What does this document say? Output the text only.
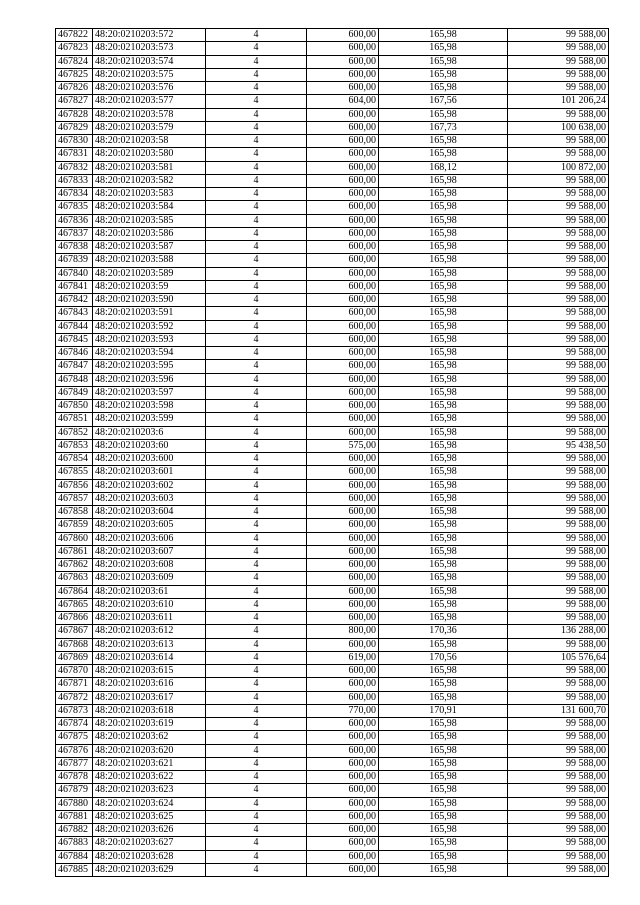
467822	48:20:0210203:572	4	600,00	165,98	99 588,00
467823	48:20:0210203:573	4	600,00	165,98	99 588,00
467824	48:20:0210203:574	4	600,00	165,98	99 588,00
467825	48:20:0210203:575	4	600,00	165,98	99 588,00
467826	48:20:0210203:576	4	600,00	165,98	99 588,00
467827	48:20:0210203:577	4	604,00	167,56	101 206,24
467828	48:20:0210203:578	4	600,00	165,98	99 588,00
467829	48:20:0210203:579	4	600,00	167,73	100 638,00
467830	48:20:0210203:58	4	600,00	165,98	99 588,00
467831	48:20:0210203:580	4	600,00	165,98	99 588,00
467832	48:20:0210203:581	4	600,00	168,12	100 872,00
467833	48:20:0210203:582	4	600,00	165,98	99 588,00
467834	48:20:0210203:583	4	600,00	165,98	99 588,00
467835	48:20:0210203:584	4	600,00	165,98	99 588,00
467836	48:20:0210203:585	4	600,00	165,98	99 588,00
467837	48:20:0210203:586	4	600,00	165,98	99 588,00
467838	48:20:0210203:587	4	600,00	165,98	99 588,00
467839	48:20:0210203:588	4	600,00	165,98	99 588,00
467840	48:20:0210203:589	4	600,00	165,98	99 588,00
467841	48:20:0210203:59	4	600,00	165,98	99 588,00
467842	48:20:0210203:590	4	600,00	165,98	99 588,00
467843	48:20:0210203:591	4	600,00	165,98	99 588,00
467844	48:20:0210203:592	4	600,00	165,98	99 588,00
467845	48:20:0210203:593	4	600,00	165,98	99 588,00
467846	48:20:0210203:594	4	600,00	165,98	99 588,00
467847	48:20:0210203:595	4	600,00	165,98	99 588,00
467848	48:20:0210203:596	4	600,00	165,98	99 588,00
467849	48:20:0210203:597	4	600,00	165,98	99 588,00
467850	48:20:0210203:598	4	600,00	165,98	99 588,00
467851	48:20:0210203:599	4	600,00	165,98	99 588,00
467852	48:20:0210203:6	4	600,00	165,98	99 588,00
467853	48:20:0210203:60	4	575,00	165,98	95 438,50
467854	48:20:0210203:600	4	600,00	165,98	99 588,00
467855	48:20:0210203:601	4	600,00	165,98	99 588,00
467856	48:20:0210203:602	4	600,00	165,98	99 588,00
467857	48:20:0210203:603	4	600,00	165,98	99 588,00
467858	48:20:0210203:604	4	600,00	165,98	99 588,00
467859	48:20:0210203:605	4	600,00	165,98	99 588,00
467860	48:20:0210203:606	4	600,00	165,98	99 588,00
467861	48:20:0210203:607	4	600,00	165,98	99 588,00
467862	48:20:0210203:608	4	600,00	165,98	99 588,00
467863	48:20:0210203:609	4	600,00	165,98	99 588,00
467864	48:20:0210203:61	4	600,00	165,98	99 588,00
467865	48:20:0210203:610	4	600,00	165,98	99 588,00
467866	48:20:0210203:611	4	600,00	165,98	99 588,00
467867	48:20:0210203:612	4	800,00	170,36	136 288,00
467868	48:20:0210203:613	4	600,00	165,98	99 588,00
467869	48:20:0210203:614	4	619,00	170,56	105 576,64
467870	48:20:0210203:615	4	600,00	165,98	99 588,00
467871	48:20:0210203:616	4	600,00	165,98	99 588,00
467872	48:20:0210203:617	4	600,00	165,98	99 588,00
467873	48:20:0210203:618	4	770,00	170,91	131 600,70
467874	48:20:0210203:619	4	600,00	165,98	99 588,00
467875	48:20:0210203:62	4	600,00	165,98	99 588,00
467876	48:20:0210203:620	4	600,00	165,98	99 588,00
467877	48:20:0210203:621	4	600,00	165,98	99 588,00
467878	48:20:0210203:622	4	600,00	165,98	99 588,00
467879	48:20:0210203:623	4	600,00	165,98	99 588,00
467880	48:20:0210203:624	4	600,00	165,98	99 588,00
467881	48:20:0210203:625	4	600,00	165,98	99 588,00
467882	48:20:0210203:626	4	600,00	165,98	99 588,00
467883	48:20:0210203:627	4	600,00	165,98	99 588,00
467884	48:20:0210203:628	4	600,00	165,98	99 588,00
467885	48:20:0210203:629	4	600,00	165,98	99 588,00
